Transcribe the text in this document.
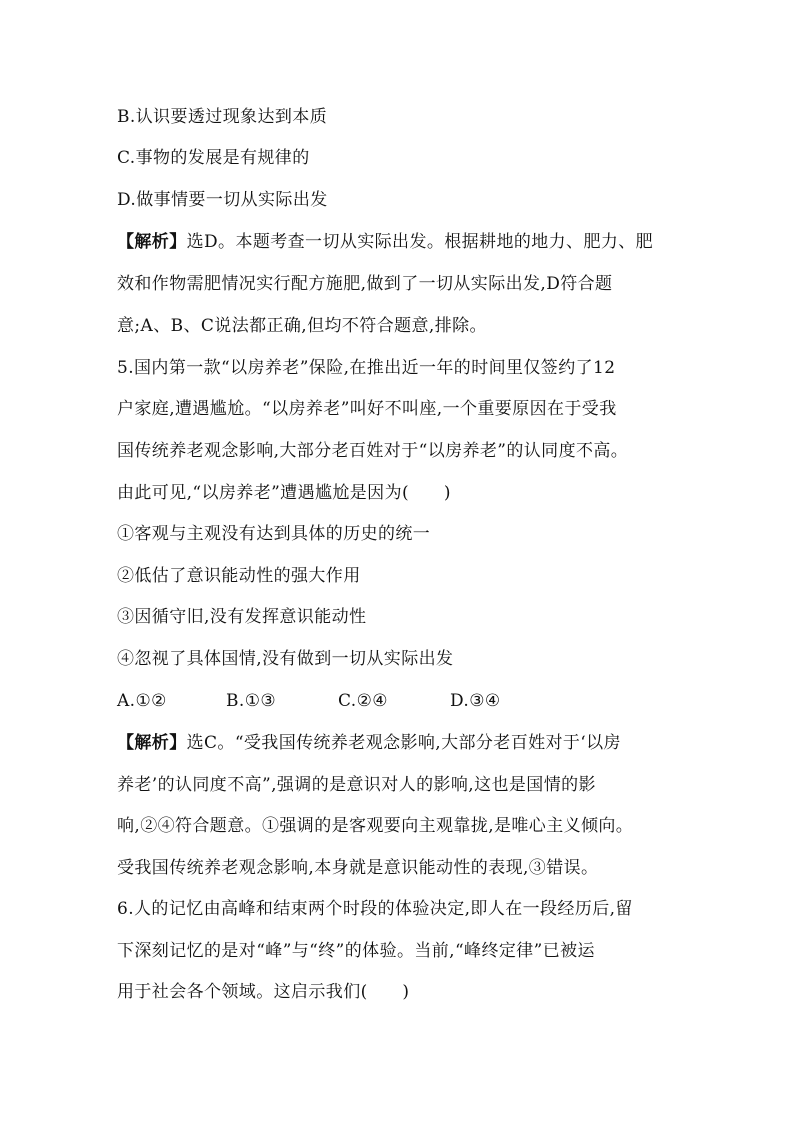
B.认识要透过现象达到本质
C.事物的发展是有规律的
D.做事情要一切从实际出发
【解析】选D。本题考查一切从实际出发。根据耕地的地力、肥力、肥
效和作物需肥情况实行配方施肥,做到了一切从实际出发,D符合题
意;A、B、C说法都正确,但均不符合题意,排除。
5.国内第一款“以房养老”保险,在推出近一年的时间里仅签约了12
户家庭,遭遇尴尬。“以房养老”叫好不叫座,一个重要原因在于受我
国传统养老观念影响,大部分老百姓对于“以房养老”的认同度不高。
由此可见,“以房养老”遭遇尴尬是因为(　　)
①客观与主观没有达到具体的历史的统一
②低估了意识能动性的强大作用
③因循守旧,没有发挥意识能动性
④忽视了具体国情,没有做到一切从实际出发
A.①②	B.①③	C.②④	D.③④
【解析】选C。“受我国传统养老观念影响,大部分老百姓对于‘以房
养老’的认同度不高”,强调的是意识对人的影响,这也是国情的影
响,②④符合题意。①强调的是客观要向主观靠拢,是唯心主义倾向。
受我国传统养老观念影响,本身就是意识能动性的表现,③错误。
6.人的记忆由高峰和结束两个时段的体验决定,即人在一段经历后,留
下深刻记忆的是对“峰”与“终”的体验。当前,“峰终定律”已被运
用于社会各个领域。这启示我们(　　)
